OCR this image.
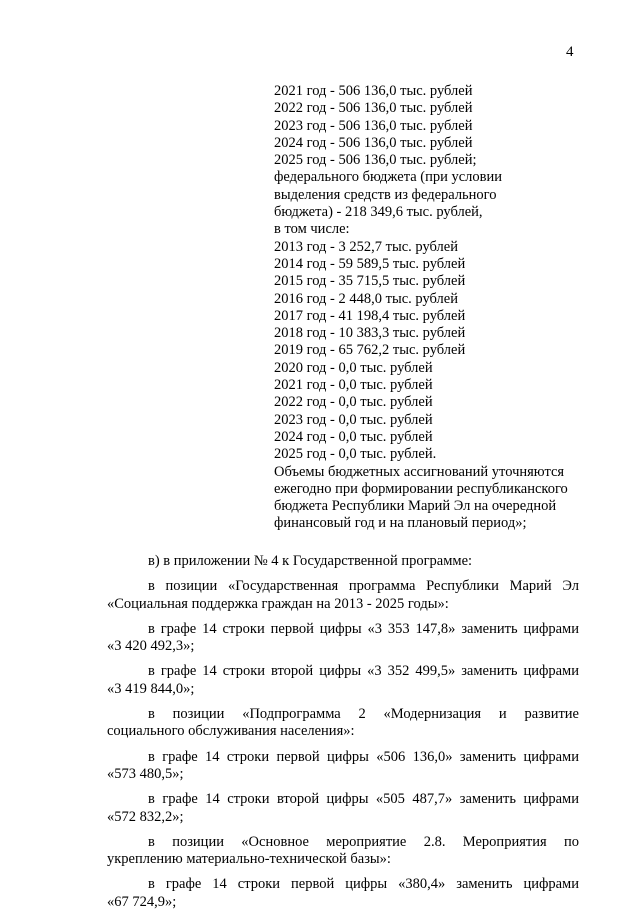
4
2021 год - 506 136,0 тыс. рублей
2022 год - 506 136,0 тыс. рублей
2023 год - 506 136,0 тыс. рублей
2024 год - 506 136,0 тыс. рублей
2025 год - 506 136,0 тыс. рублей;
федерального бюджета (при условии
выделения средств из федерального
бюджета) - 218 349,6 тыс. рублей,
в том числе:
2013 год - 3 252,7 тыс. рублей
2014 год - 59 589,5 тыс. рублей
2015 год - 35 715,5 тыс. рублей
2016 год - 2 448,0 тыс. рублей
2017 год - 41 198,4 тыс. рублей
2018 год - 10 383,3 тыс. рублей
2019 год - 65 762,2 тыс. рублей
2020 год - 0,0 тыс. рублей
2021 год - 0,0 тыс. рублей
2022 год - 0,0 тыс. рублей
2023 год - 0,0 тыс. рублей
2024 год - 0,0 тыс. рублей
2025 год - 0,0 тыс. рублей.
Объемы бюджетных ассигнований уточняются
ежегодно при формировании республиканского
бюджета Республики Марий Эл на очередной
финансовый год и на плановый период»;
в) в приложении № 4 к Государственной программе:
в позиции «Государственная программа Республики Марий Эл
«Социальная поддержка граждан на 2013 - 2025 годы»:
в графе 14 строки первой цифры «3 353 147,8» заменить цифрами
«3 420 492,3»;
в графе 14 строки второй цифры «3 352 499,5» заменить цифрами
«3 419 844,0»;
в позиции «Подпрограмма 2 «Модернизация и развитие
социального обслуживания населения»:
в графе 14 строки первой цифры «506 136,0» заменить цифрами
«573 480,5»;
в графе 14 строки второй цифры «505 487,7» заменить цифрами
«572 832,2»;
в позиции «Основное мероприятие 2.8. Мероприятия по
укреплению материально-технической базы»:
в графе 14 строки первой цифры «380,4» заменить цифрами
«67 724,9»;
